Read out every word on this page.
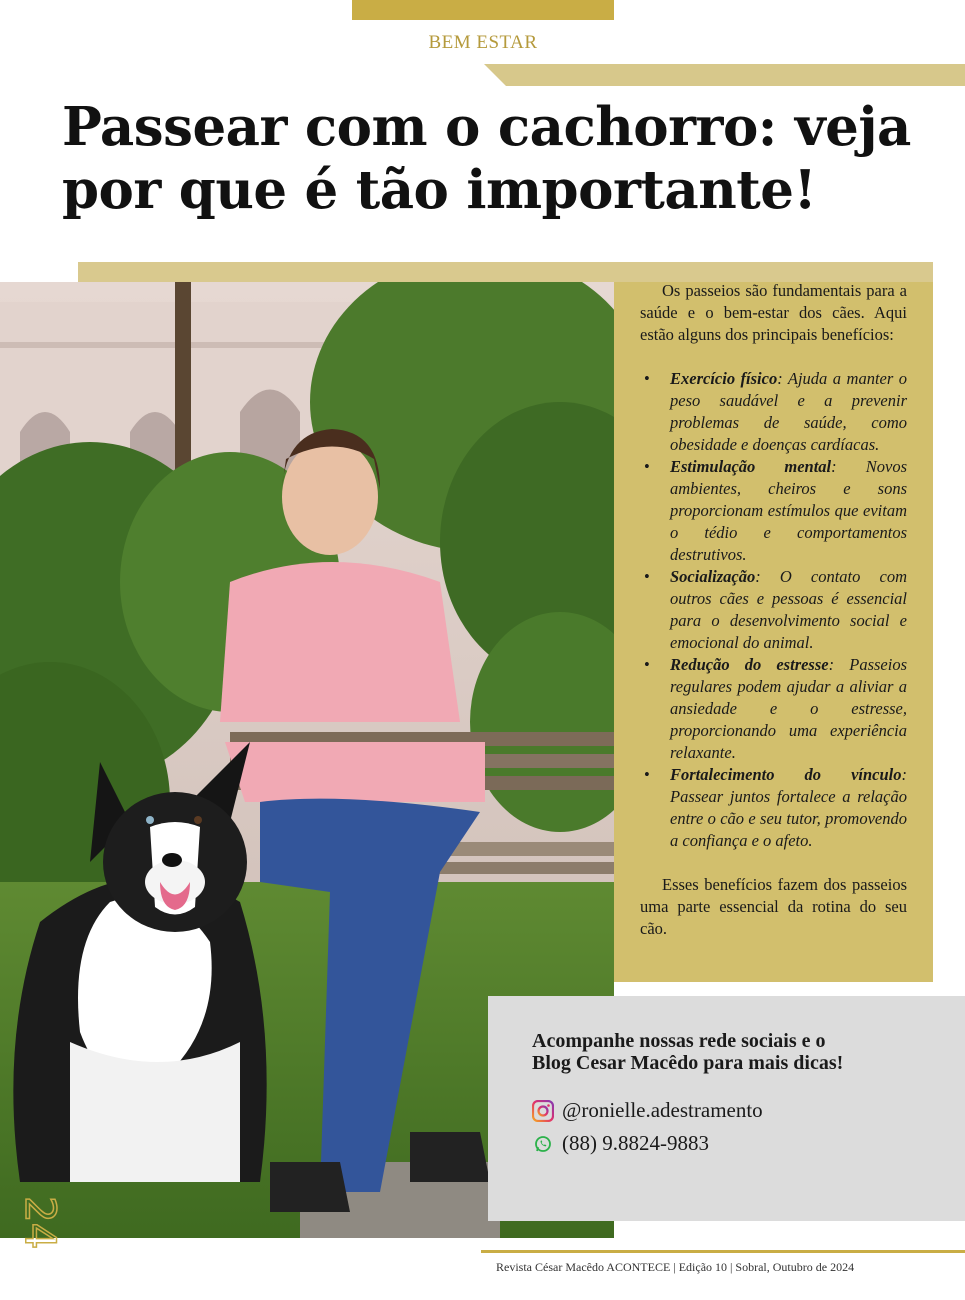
BEM ESTAR
Passear com o cachorro: veja por que é tão importante!

Os passeios são fundamentais para a saúde e o bem-estar dos cães. Aqui estão alguns dos principais benefícios:

• Exercício físico: Ajuda a manter o peso saudável e a prevenir problemas de saúde, como obesidade e doenças cardíacas.
• Estimulação mental: Novos ambientes, cheiros e sons proporcionam estímulos que evitam o tédio e comportamentos destrutivos.
• Socialização: O contato com outros cães e pessoas é essencial para o desenvolvimento social e emocional do animal.
• Redução do estresse: Passeios regulares podem ajudar a aliviar a ansiedade e o estresse, proporcionando uma experiência relaxante.
• Fortalecimento do vínculo: Passear juntos fortalece a relação entre o cão e seu tutor, promovendo a confiança e o afeto.

Esses benefícios fazem dos passeios uma parte essencial da rotina do seu cão.

Acompanhe nossas rede sociais e o Blog Cesar Macêdo para mais dicas!
@ronielle.adestramento
(88) 9.8824-9883
24
Revista César Macêdo ACONTECE | Edição 10 | Sobral, Outubro de 2024
